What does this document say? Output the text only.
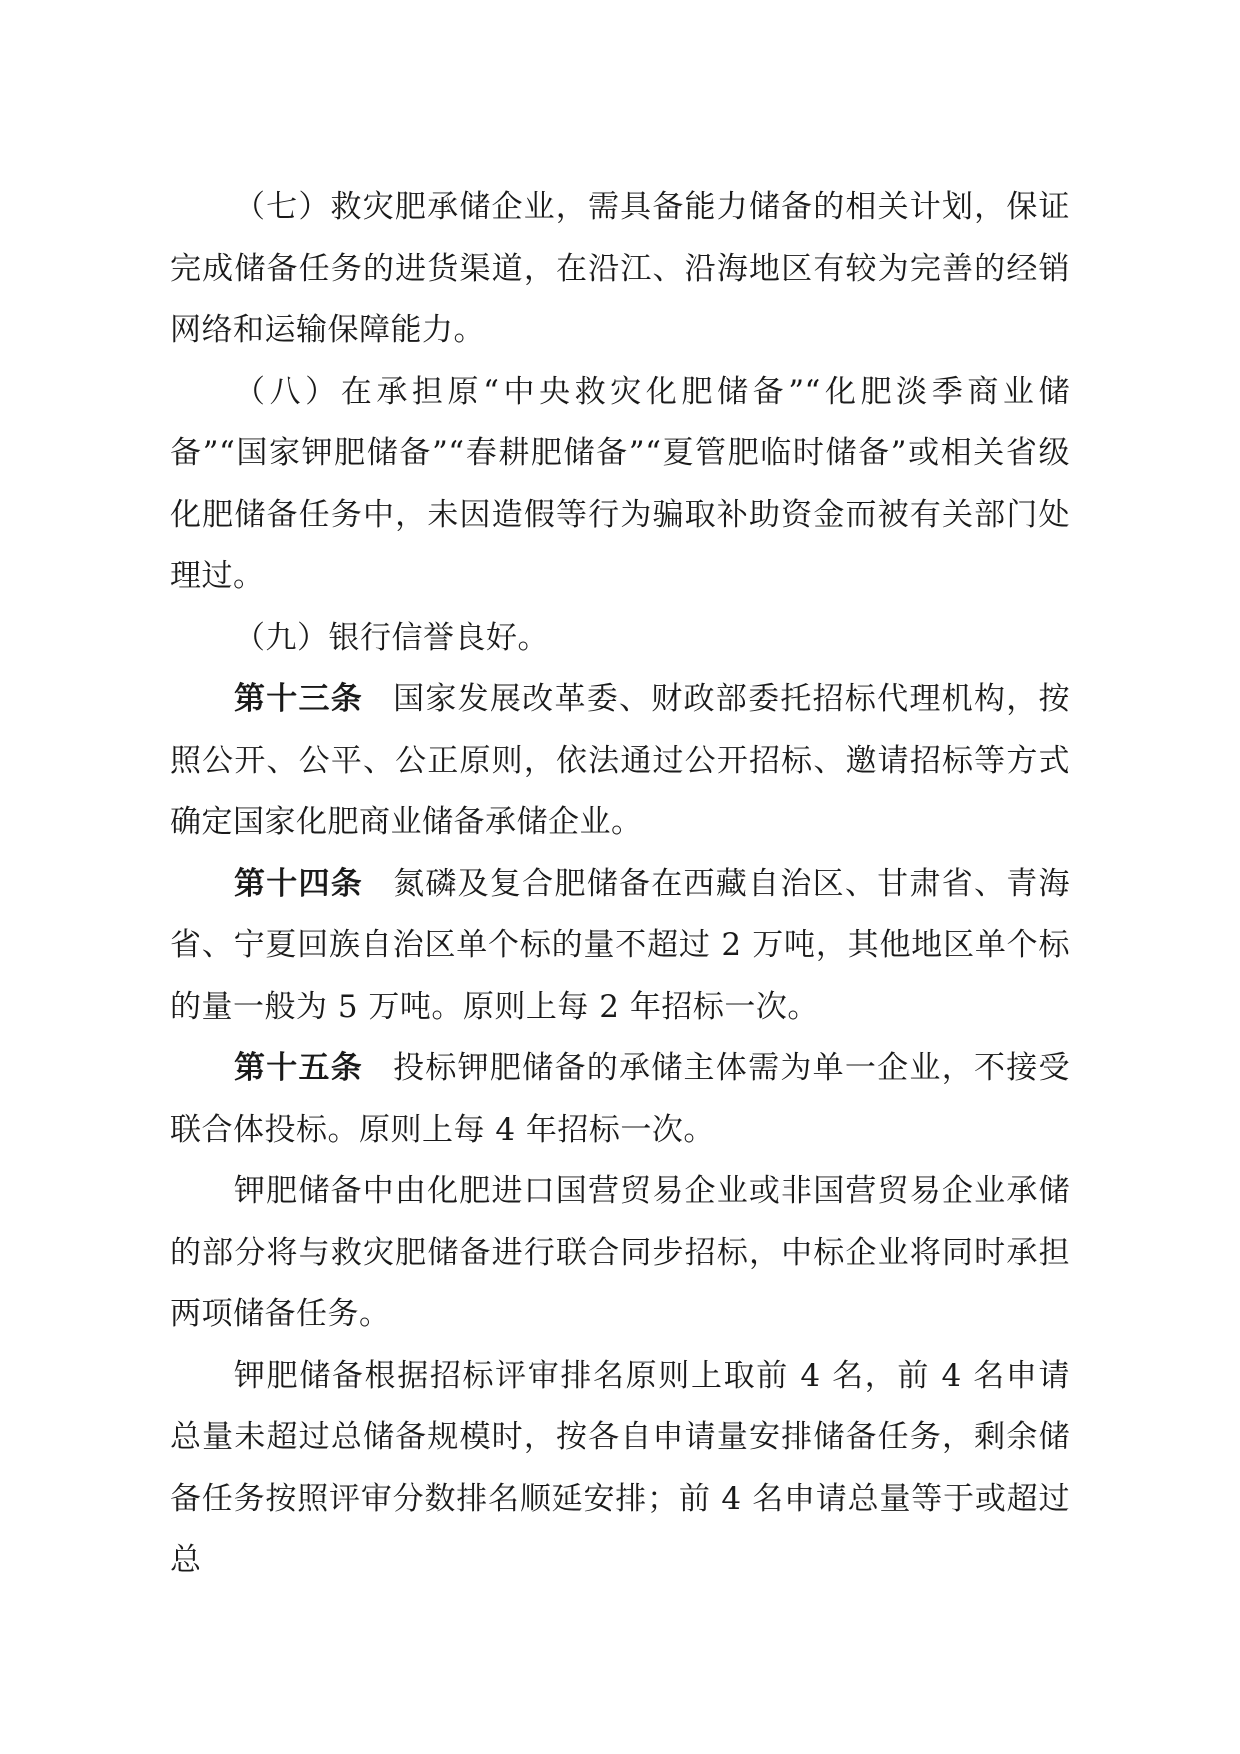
（七）救灾肥承储企业，需具备能力储备的相关计划，保证完成储备任务的进货渠道，在沿江、沿海地区有较为完善的经销网络和运输保障能力。

（八）在承担原“中央救灾化肥储备”“化肥淡季商业储备”“国家钾肥储备”“春耕肥储备”“夏管肥临时储备”或相关省级化肥储备任务中，未因造假等行为骗取补助资金而被有关部门处理过。

（九）银行信誉良好。

第十三条 国家发展改革委、财政部委托招标代理机构，按照公开、公平、公正原则，依法通过公开招标、邀请招标等方式确定国家化肥商业储备承储企业。

第十四条 氮磷及复合肥储备在西藏自治区、甘肃省、青海省、宁夏回族自治区单个标的量不超过 2 万吨，其他地区单个标的量一般为 5 万吨。原则上每 2 年招标一次。

第十五条 投标钾肥储备的承储主体需为单一企业，不接受联合体投标。原则上每 4 年招标一次。

钾肥储备中由化肥进口国营贸易企业或非国营贸易企业承储的部分将与救灾肥储备进行联合同步招标，中标企业将同时承担两项储备任务。

钾肥储备根据招标评审排名原则上取前 4 名，前 4 名申请总量未超过总储备规模时，按各自申请量安排储备任务，剩余储备任务按照评审分数排名顺延安排；前 4 名申请总量等于或超过总
